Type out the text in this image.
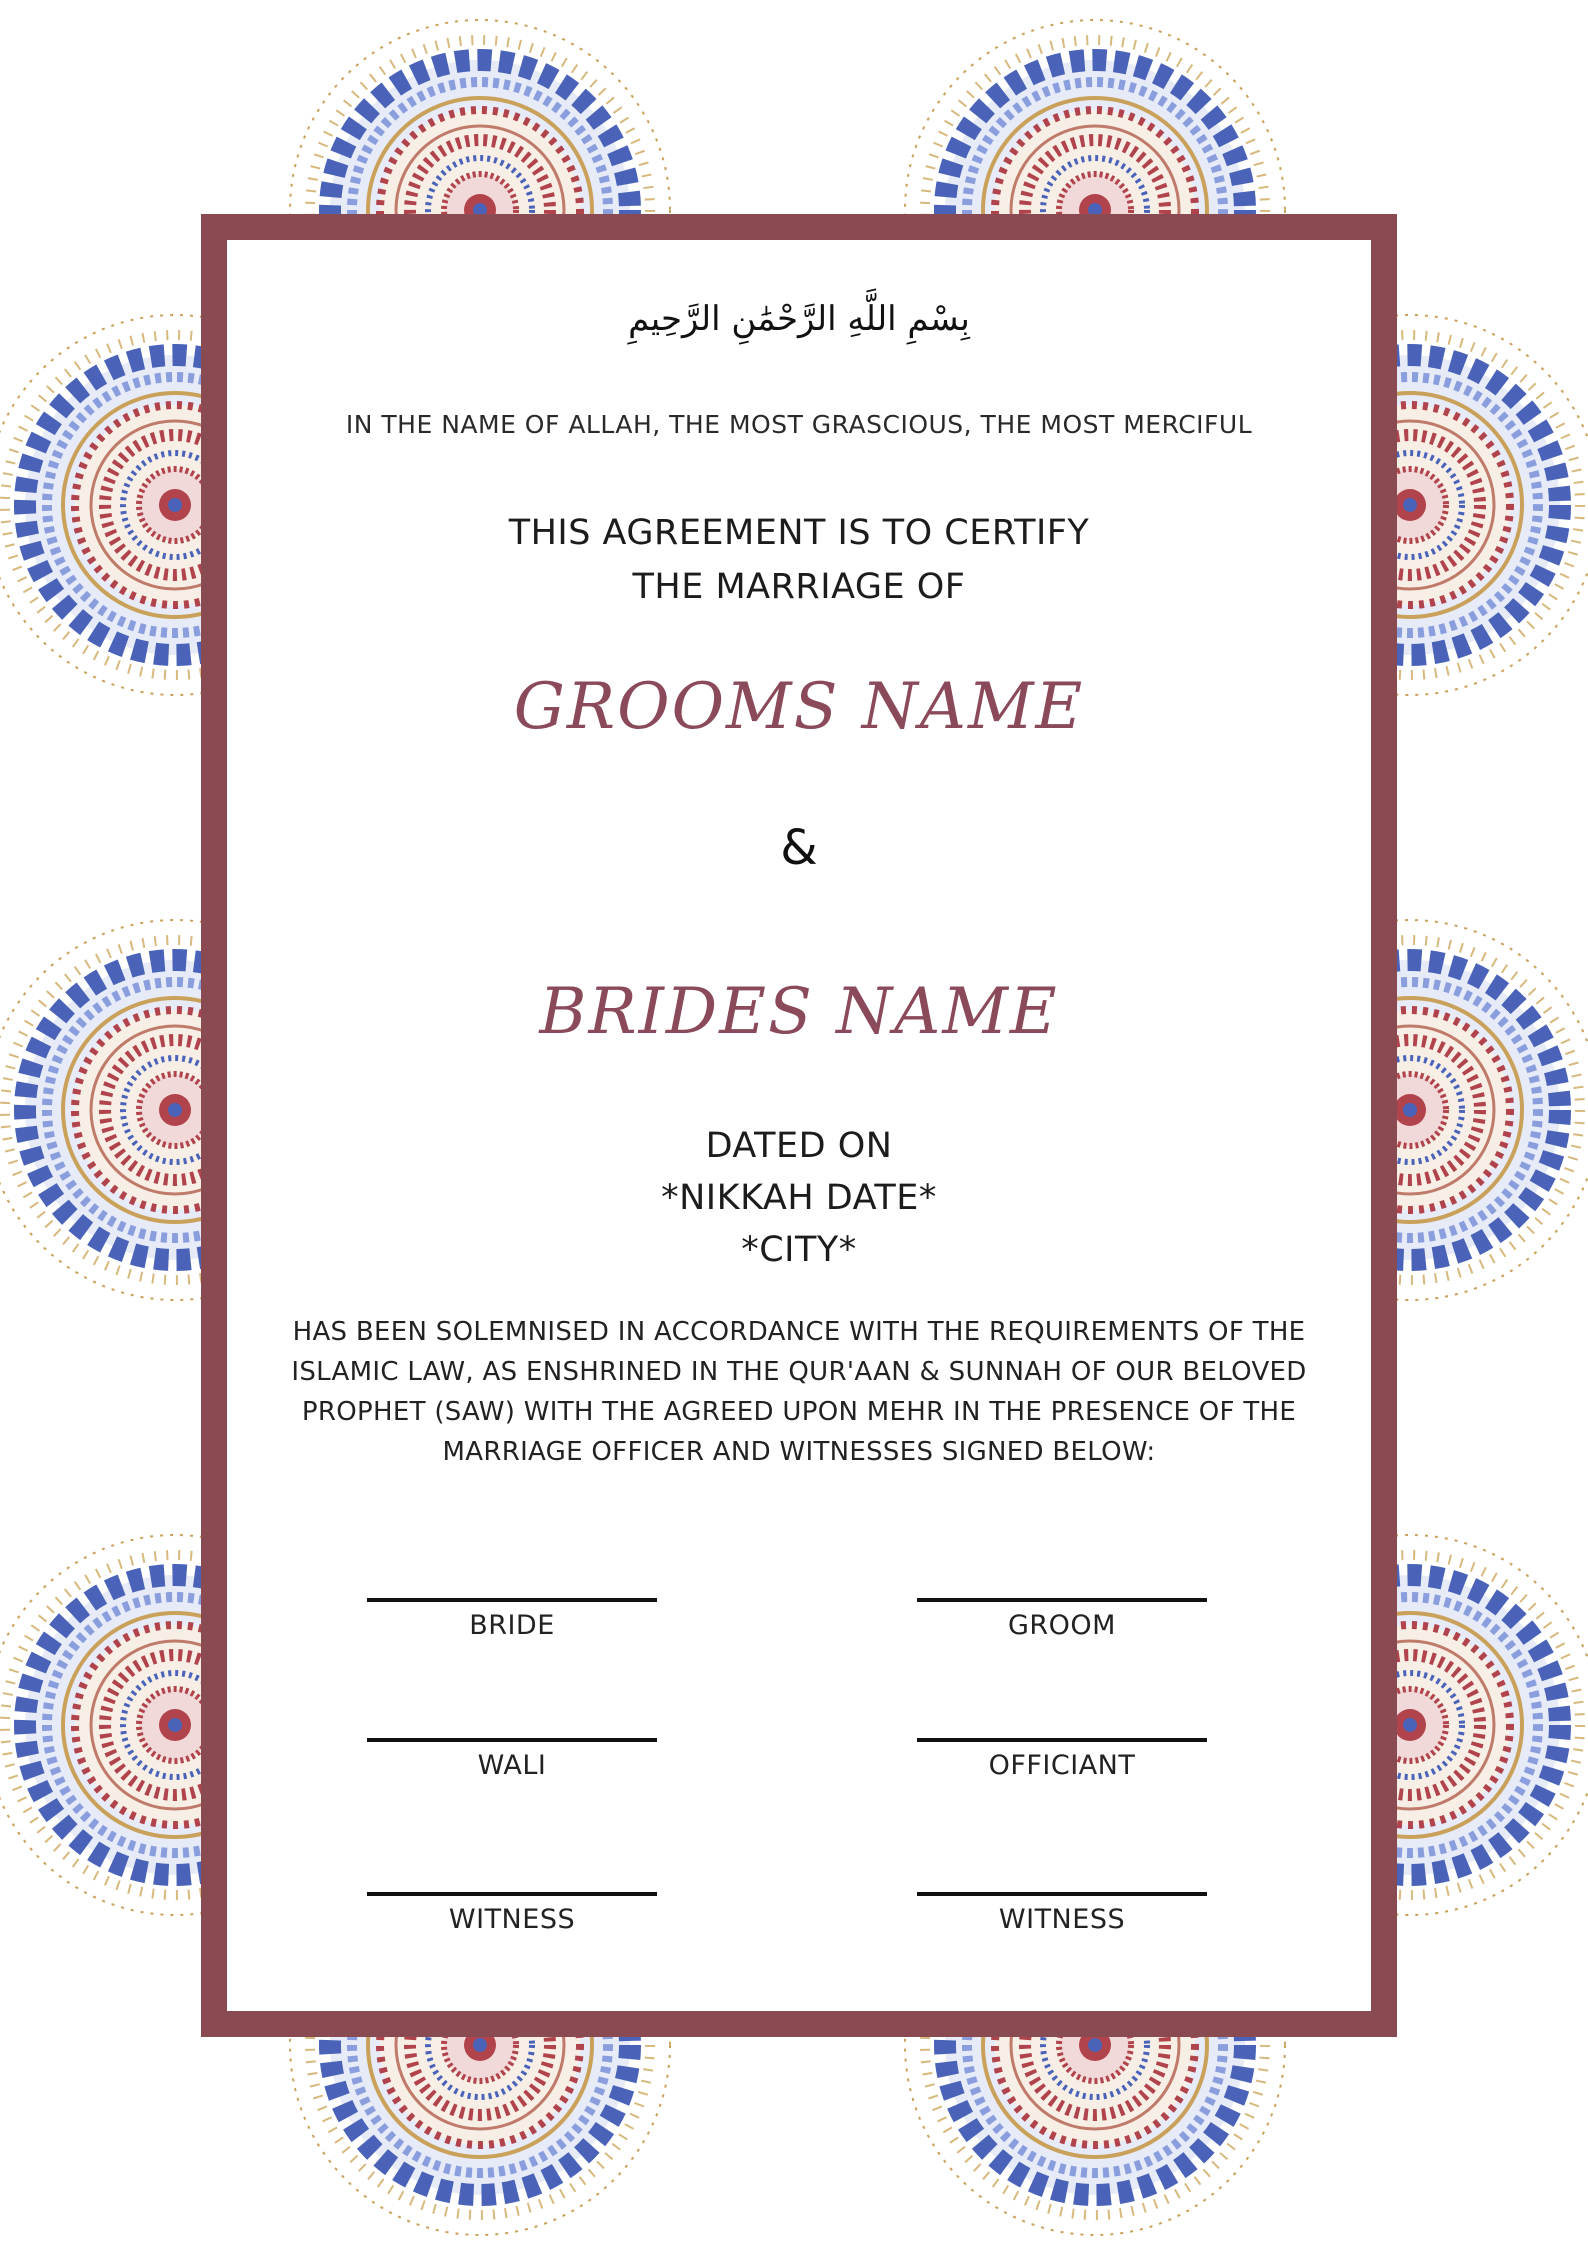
بِسْمِ اللَّهِ الرَّحْمَٰنِ الرَّحِيمِ
IN THE NAME OF ALLAH, THE MOST GRASCIOUS, THE MOST MERCIFUL
THIS AGREEMENT IS TO CERTIFY
THE MARRIAGE OF
GROOMS NAME
&
BRIDES NAME
DATED ON
*NIKKAH DATE*
*CITY*
HAS BEEN SOLEMNISED IN ACCORDANCE WITH THE REQUIREMENTS OF THE ISLAMIC LAW, AS ENSHRINED IN THE QUR'AAN & SUNNAH OF OUR BELOVED PROPHET (SAW) WITH THE AGREED UPON MEHR IN THE PRESENCE OF THE MARRIAGE OFFICER AND WITNESSES SIGNED BELOW:
BRIDE	GROOM
WALI	OFFICIANT
WITNESS	WITNESS
